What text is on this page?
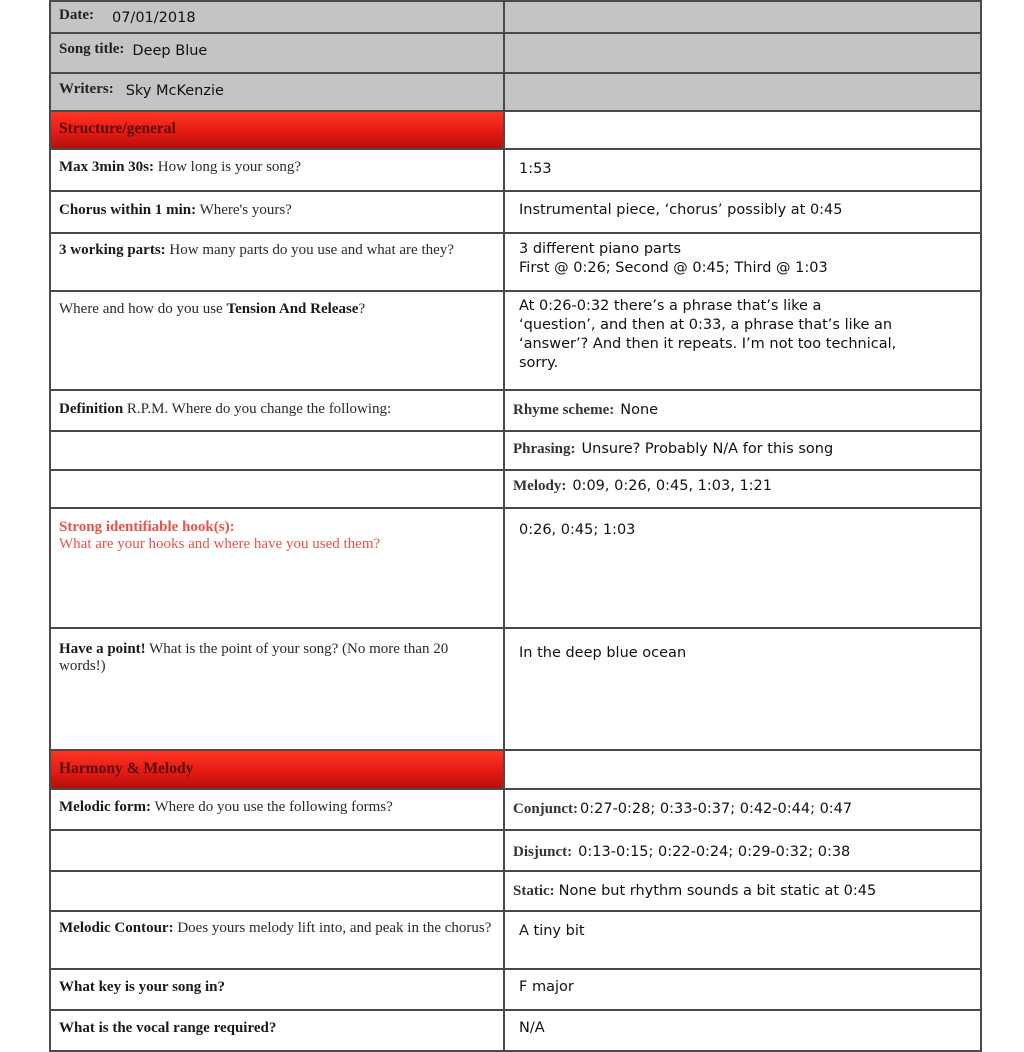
Date: 07/01/2018	
Song title: Deep Blue	
Writers: Sky McKenzie	
Structure/general	
Max 3min 30s: How long is your song?	1:53
Chorus within 1 min: Where's yours?	Instrumental piece, ‘chorus’ possibly at 0:45
3 working parts: How many parts do you use and what are they?	3 different piano parts
First @ 0:26; Second @ 0:45; Third @ 1:03

Where and how do you use Tension And Release?	At 0:26-0:32 there’s a phrase that’s like a ‘question’, and then at 0:33, a phrase that’s like an ‘answer’? And then it repeats. I’m not too technical, sorry.
Definition R.P.M. Where do you change the following:	Rhyme scheme: None
	Phrasing: Unsure? Probably N/A for this song
	Melody: 0:09, 0:26, 0:45, 1:03, 1:21

Strong identifiable hook(s):
What are your hooks and where have you used them?	0:26, 0:45; 1:03
Have a point! What is the point of your song? (No more than 20 words!)	In the deep blue ocean
Harmony & Melody	
Melodic form: Where do you use the following forms?	Conjunct: 0:27-0:28; 0:33-0:37; 0:42-0:44; 0:47
	Disjunct: 0:13-0:15; 0:22-0:24; 0:29-0:32; 0:38
	Static: None but rhythm sounds a bit static at 0:45
Melodic Contour: Does yours melody lift into, and peak in the chorus?	A tiny bit
What key is your song in?	F major
What is the vocal range required?	N/A
